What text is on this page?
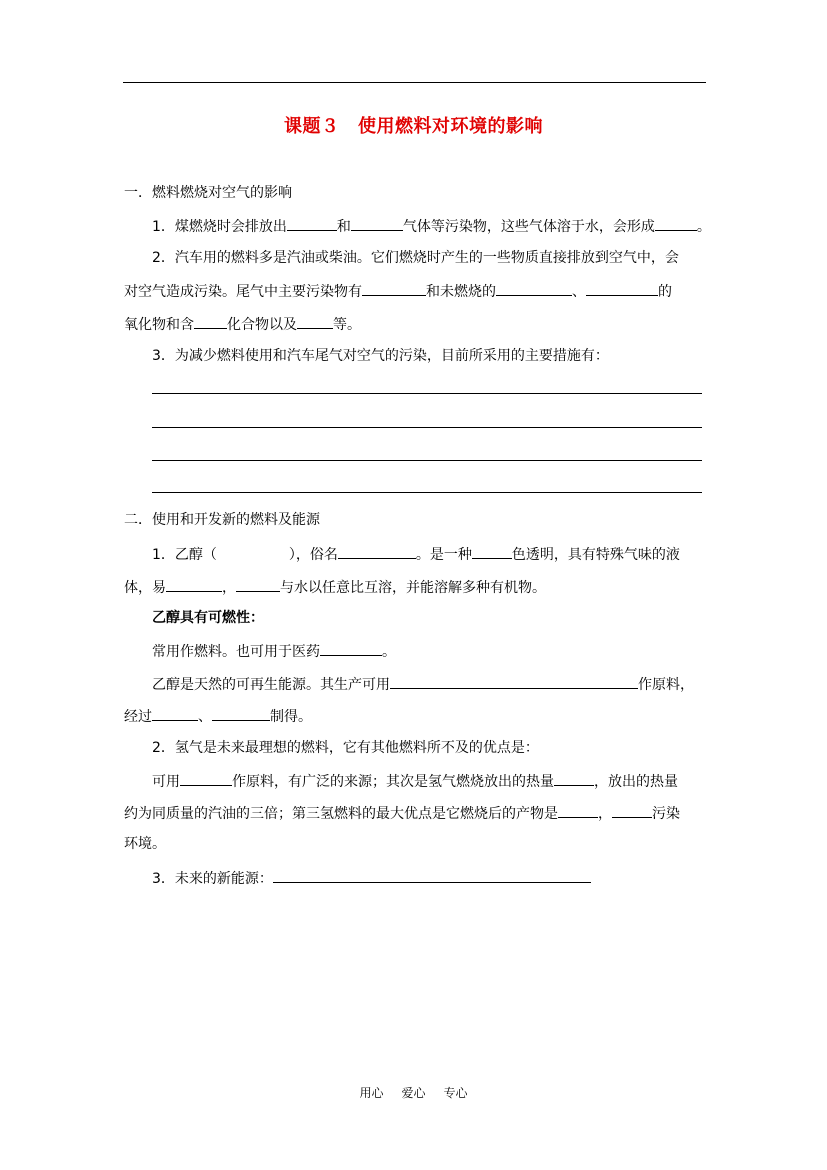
课题３　使用燃料对环境的影响
一．燃料燃烧对空气的影响
1．煤燃烧时会排放出	和	气体等污染物，这些气体溶于水，会形成	。
2．汽车用的燃料多是汽油或柴油。它们燃烧时产生的一些物质直接排放到空气中，会
对空气造成污染。尾气中主要污染物有	和未燃烧的	、	的
氧化物和含 化合物以及	等。
3．为减少燃料使用和汽车尾气对空气的污染，目前所采用的主要措施有：
二．使用和开发新的燃料及能源
1．乙醇（	），俗名	。是一种	色透明，具有特殊气味的液
体，易	，	与水以任意比互溶，并能溶解多种有机物。
乙醇具有可燃性：
常用作燃料。也可用于医药	。
乙醇是天然的可再生能源。其生产可用	作原料，
经过	、	制得。
2．氢气是未来最理想的燃料，它有其他燃料所不及的优点是：
可用	作原料，有广泛的来源；其次是氢气燃烧放出的热量	，放出的热量
约为同质量的汽油的三倍；第三氢燃料的最大优点是它燃烧后的产物是	，	污染
环境。
3．未来的新能源：
用心 爱心 专心
